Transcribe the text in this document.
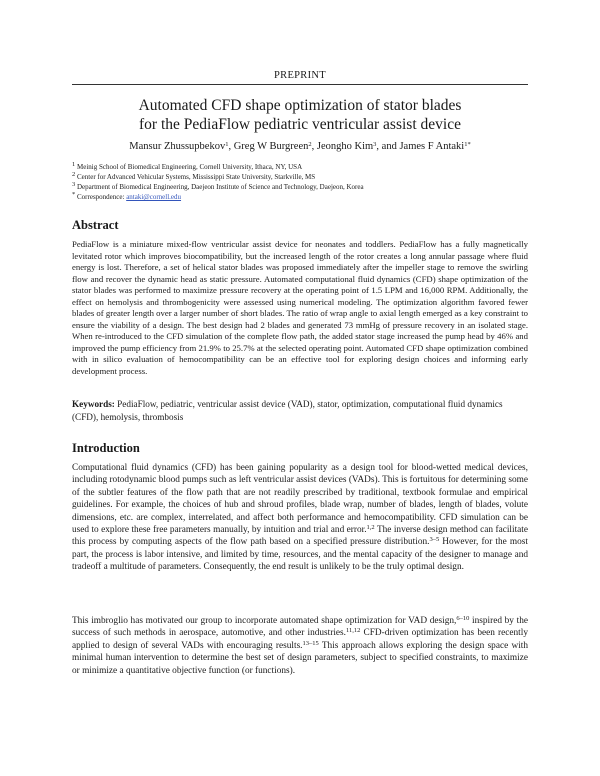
PREPRINT
Automated CFD shape optimization of stator blades
for the PediaFlow pediatric ventricular assist device
Mansur Zhussupbekov$^1$, Greg W Burgreen$^2$, Jeongho Kim$^3$, and James F Antaki$^{1*}$
$^1$ Meinig School of Biomedical Engineering, Cornell University, Ithaca, NY, USA
$^2$ Center for Advanced Vehicular Systems, Mississippi State University, Starkville, MS
$^3$ Department of Biomedical Engineering, Daejeon Institute of Science and Technology, Daejeon, Korea
* Correspondence: antaki@cornell.edu
Abstract
PediaFlow is a miniature mixed-flow ventricular assist device for neonates and toddlers. PediaFlow has a fully magnetically levitated rotor which improves biocompatibility, but the increased length of the rotor creates a long annular passage where fluid energy is lost. Therefore, a set of helical stator blades was proposed immediately after the impeller stage to remove the swirling flow and recover the dynamic head as static pressure. Automated computational fluid dynamics (CFD) shape optimization of the stator blades was performed to maximize pressure recovery at the operating point of 1.5 LPM and 16,000 RPM. Additionally, the effect on hemolysis and thrombogenicity were assessed using numerical modeling. The optimization algorithm favored fewer blades of greater length over a larger number of short blades. The ratio of wrap angle to axial length emerged as a key constraint to ensure the viability of a design. The best design had 2 blades and generated 73 mmHg of pressure recovery in an isolated stage. When re-introduced to the CFD simulation of the complete flow path, the added stator stage increased the pump head by 46% and improved the pump efficiency from 21.9% to 25.7% at the selected operating point. Automated CFD shape optimization combined with in silico evaluation of hemocompatibility can be an effective tool for exploring design choices and informing early development process.
Keywords: PediaFlow, pediatric, ventricular assist device (VAD), stator, optimization, computational fluid dynamics (CFD), hemolysis, thrombosis
Introduction
Computational fluid dynamics (CFD) has been gaining popularity as a design tool for blood-wetted medical devices, including rotodynamic blood pumps such as left ventricular assist devices (VADs). This is fortuitous for determining some of the subtler features of the flow path that are not readily prescribed by traditional, textbook formulae and empirical guidelines. For example, the choices of hub and shroud profiles, blade wrap, number of blades, length of blades, volute dimensions, etc. are complex, interrelated, and affect both performance and hemocompatibility. CFD simulation can be used to explore these free parameters manually, by intuition and trial and error.$^{1,2}$ The inverse design method can facilitate this process by computing aspects of the flow path based on a specified pressure distribution.$^{3-5}$ However, for the most part, the process is labor intensive, and limited by time, resources, and the mental capacity of the designer to manage and tradeoff a multitude of parameters. Consequently, the end result is unlikely to be the truly optimal design.
This imbroglio has motivated our group to incorporate automated shape optimization for VAD design,$^{6-10}$ inspired by the success of such methods in aerospace, automotive, and other industries.$^{11,12}$ CFD-driven optimization has been recently applied to design of several VADs with encouraging results.$^{13-15}$ This approach allows exploring the design space with minimal human intervention to determine the best set of design parameters, subject to specified constraints, to maximize or minimize a quantitative objective function (or functions).
